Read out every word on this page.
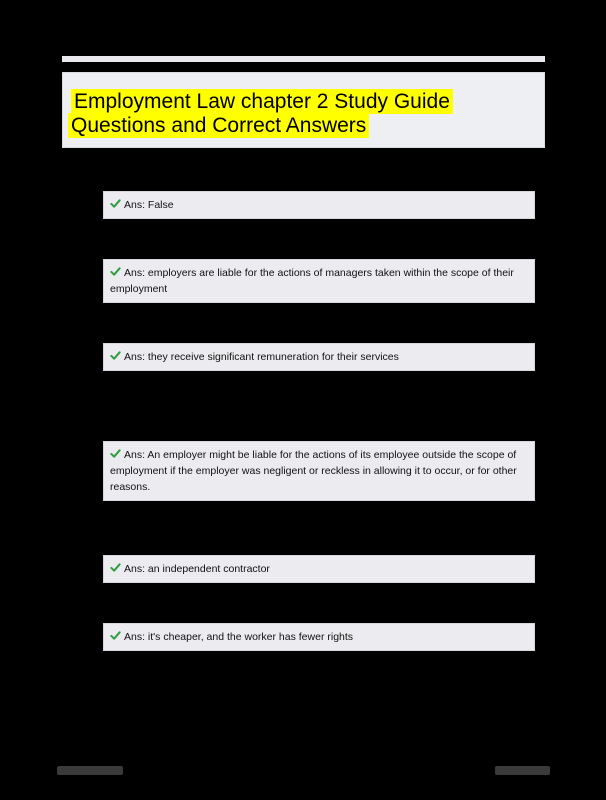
Employment Law chapter 2 Study Guide
Questions and Correct Answers
Ans: False
Ans: employers are liable for the actions of managers taken within the scope of their employment
Ans: they receive significant remuneration for their services
Ans: An employer might be liable for the actions of its employee outside the scope of employment if the employer was negligent or reckless in allowing it to occur, or for other reasons.
Ans: an independent contractor
Ans: it's cheaper, and the worker has fewer rights
